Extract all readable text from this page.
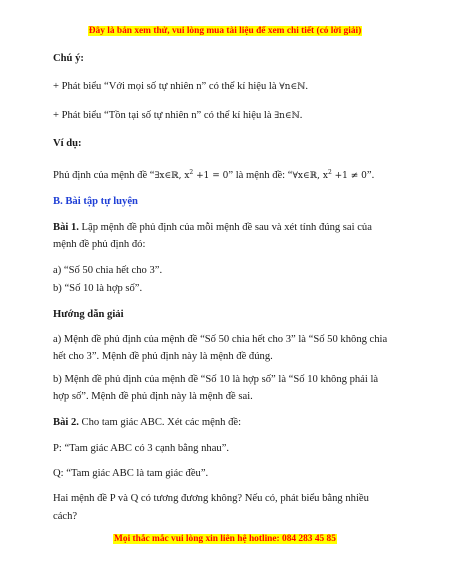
Đây là bản xem thử, vui lòng mua tài liệu để xem chi tiết (có lời giải)
Chú ý:
+ Phát biểu “Với mọi số tự nhiên n” có thể kí hiệu là ∀n∈ℕ.
+ Phát biểu “Tồn tại số tự nhiên n” có thể kí hiệu là ∃n∈ℕ.
Ví dụ:
Phủ định của mệnh đề “∃x∈ℝ, $x^2 +1 = 0$” là mệnh đề: “∀x∈ℝ, $x^2 +1 \ne 0$”.
B. Bài tập tự luyện
Bài 1. Lập mệnh đề phủ định của mỗi mệnh đề sau và xét tính đúng sai của
mệnh đề phủ định đó:
a) “Số 50 chia hết cho 3”.
b) “Số 10 là hợp số”.
Hướng dẫn giải
a) Mệnh đề phủ định của mệnh đề “Số 50 chia hết cho 3” là “Số 50 không chia
hết cho 3”. Mệnh đề phủ định này là mệnh đề đúng.
b) Mệnh đề phủ định của mệnh đề “Số 10 là hợp số” là “Số 10 không phải là
hợp số”. Mệnh đề phủ định này là mệnh đề sai.
Bài 2. Cho tam giác ABC. Xét các mệnh đề:
P: “Tam giác ABC có 3 cạnh bằng nhau”.
Q: “Tam giác ABC là tam giác đều”.
Hai mệnh đề P và Q có tương đương không? Nếu có, phát biểu bằng nhiều
cách?
Mọi thắc mắc vui lòng xin liên hệ hotline: 084 283 45 85
